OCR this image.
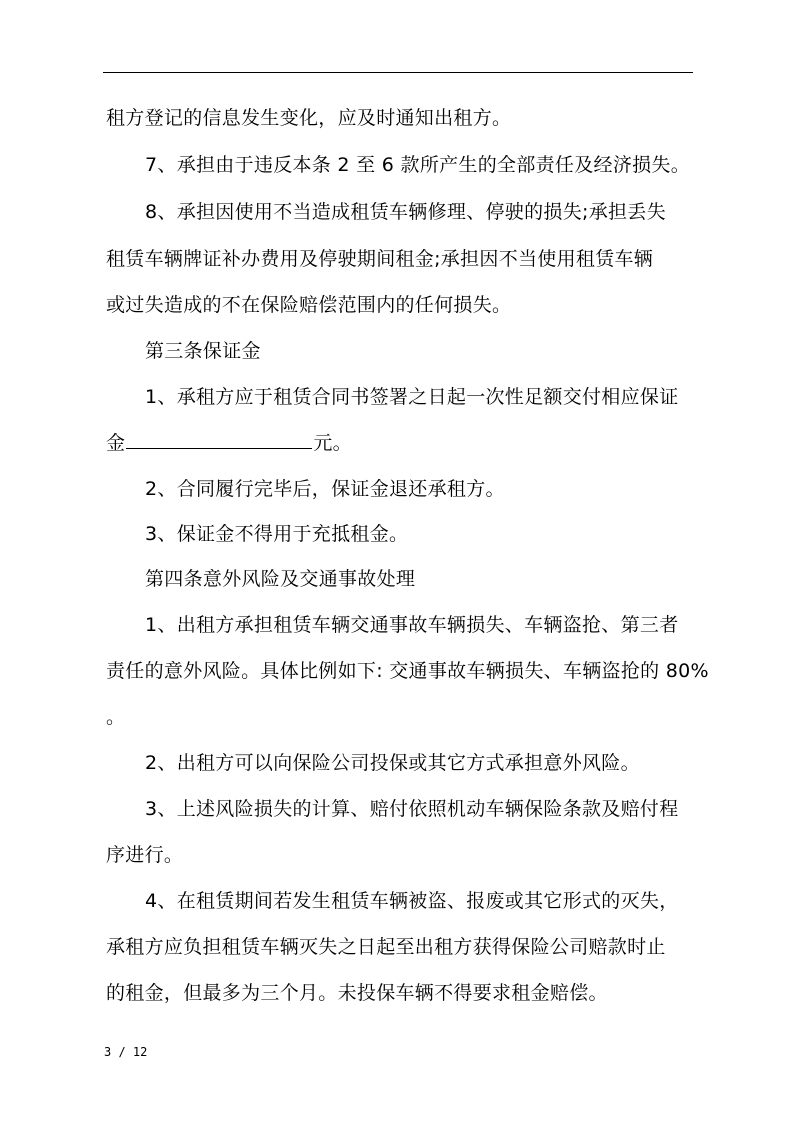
租方登记的信息发生变化，应及时通知出租方。
7、承担由于违反本条 2 至 6 款所产生的全部责任及经济损失。
8、承担因使用不当造成租赁车辆修理、停驶的损失;承担丢失
租赁车辆牌证补办费用及停驶期间租金;承担因不当使用租赁车辆
或过失造成的不在保险赔偿范围内的任何损失。
第三条保证金
1、承租方应于租赁合同书签署之日起一次性足额交付相应保证
金	元。
2、合同履行完毕后，保证金退还承租方。
3、保证金不得用于充抵租金。
第四条意外风险及交通事故处理
1、出租方承担租赁车辆交通事故车辆损失、车辆盗抢、第三者
责任的意外风险。具体比例如下: 交通事故车辆损失、车辆盗抢的 80%
。
2、出租方可以向保险公司投保或其它方式承担意外风险。
3、上述风险损失的计算、赔付依照机动车辆保险条款及赔付程
序进行。
4、在租赁期间若发生租赁车辆被盗、报废或其它形式的灭失，
承租方应负担租赁车辆灭失之日起至出租方获得保险公司赔款时止
的租金，但最多为三个月。未投保车辆不得要求租金赔偿。
3 / 12
